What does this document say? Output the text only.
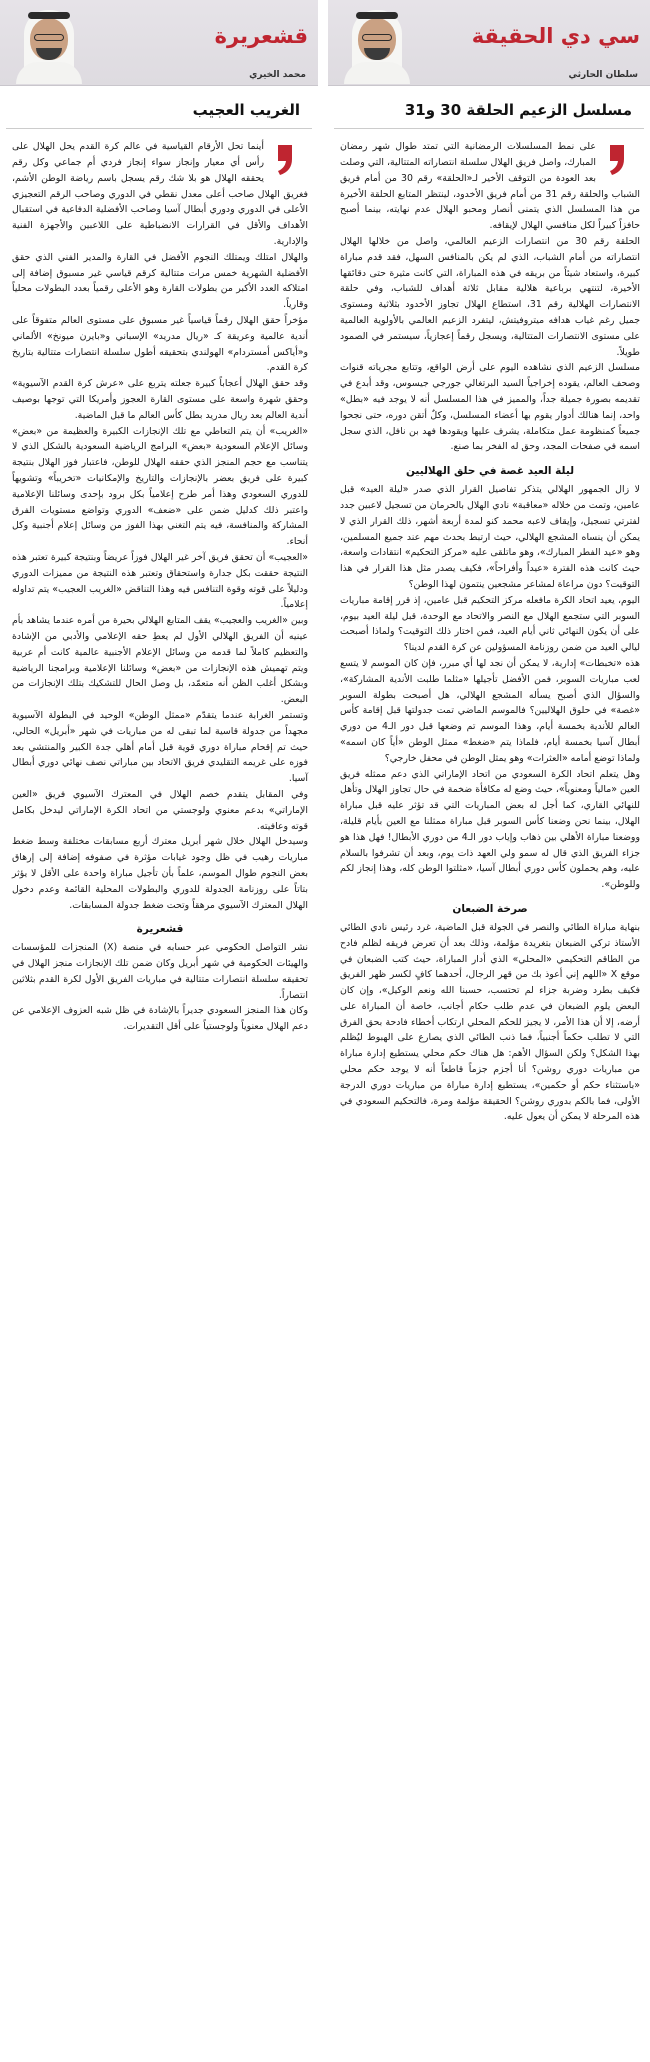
سي دي الحقيقة
سلطان الحارثي
مسلسل الزعيم الحلقة 30 و31

على نمط المسلسلات الرمضانية التي تمتد طوال شهر رمضان المبارك، واصل فريق الهلال سلسلة انتصاراته المتتالية، التي وصلت بعد العودة من التوقف الأخير لـ«الحلقة» رقم 30 من أمام فريق الشباب والحلقة رقم 31 من أمام فريق الأخدود، لينتظر المتابع الحلقة الأخيرة من هذا المسلسل الذي يتمنى أنصار ومحبو الهلال عدم نهايته، بينما أصبح حافزاً كبيراً لكل منافسي الهلال لإيقافه.

الحلقة رقم 30 من انتصارات الزعيم العالمي، واصل من خلالها الهلال انتصاراته من أمام الشباب، الذي لم يكن بالمنافس السهل، فقد قدم مباراة كبيرة، واستعاد شيئاً من بريقه في هذه المباراة، التي كانت مثيرة حتى دقائقها الأخيرة، لتنتهي برباعية هلالية مقابل ثلاثة أهداف للشباب، وفي حلقة الانتصارات الهلالية رقم 31، استطاع الهلال تجاوز الأخدود بثلاثية ومستوى جميل رغم غياب هدافه ميتروفيتش، ليتفرد الزعيم العالمي بالأولوية العالمية على مستوى الانتصارات المتتالية، ويسجل رقماً إعجازياً، سيستمر في الصمود طويلاً.

مسلسل الزعيم الذي نشاهده اليوم على أرض الواقع، وتتابع مجرياته قنوات وصحف العالم، يقوده إخراجياً السيد البرتغالي جورجي جيسوس، وقد أبدع في تقديمه بصورة جميلة جداً، والمميز في هذا المسلسل أنه لا يوجد فيه «بطل» واحد، إنما هنالك أدوار يقوم بها أعضاء المسلسل، وكلٌ أتقن دوره، حتى نجحوا جميعاً كمنظومة عمل متكاملة، يشرف عليها ويقودها فهد بن نافل، الذي سجل اسمه في صفحات المجد، وحق له الفخر بما صنع.

ليلة العيد غصة في حلق الهلاليين

لا زال الجمهور الهلالي يتذكر تفاصيل القرار الذي صدر «ليلة العيد» قبل عامين، وتمت من خلاله «معاقبة» نادي الهلال بالحرمان من تسجيل لاعبين جدد لفترتي تسجيل، وإيقاف لاعبه محمد كنو لمدة أربعة أشهر، ذلك القرار الذي لا يمكن أن ينساه المشجع الهلالي، حيث ارتبط بحدث مهم عند جميع المسلمين، وهو «عيد الفطر المبارك»، وهو ماتلقى عليه «مركز التحكيم» انتقادات واسعة، حيث كانت هذه الفترة «عيداً وأفراحاً»، فكيف يصدر مثل هذا القرار في هذا التوقيت؟ دون مراعاة لمشاعر مشجعين ينتمون لهذا الوطن؟

اليوم، يعيد اتحاد الكرة مافعله مركز التحكيم قبل عامين، إذ قرر إقامة مباريات السوبر التي ستجمع الهلال مع النصر والاتحاد مع الوحدة، قبل ليلة العيد بيوم، على أن يكون النهائي ثاني أيام العيد، فمن اختار ذلك التوقيت؟ ولماذا أصبحت ليالي العيد من ضمن روزنامة المسؤولين عن كرة القدم لدينا؟

هذه «تخبطات» إدارية، لا يمكن أن نجد لها أي مبرر، فإن كان الموسم لا يتسع لعب مباريات السوبر، فمن الأفضل تأجيلها «مثلما طلبت الأندية المشاركة»، والسؤال الذي أصبح يسأله المشجع الهلالي، هل أصبحت بطولة السوبر «غصة» في حلوق الهلاليين؟ فالموسم الماضي تمت جدولتها قبل إقامة كأس العالم للأندية بخمسة أيام، وهذا الموسم تم وضعها قبل دور الـ4 من دوري أبطال آسيا بخمسة أيام، فلماذا يتم «ضغط» ممثل الوطن «أياً كان اسمه» ولماذا توضع أمامه «العثرات» وهو يمثل الوطن في محفل خارجي؟

وهل يتعلم اتحاد الكرة السعودي من اتحاد الإماراتي الذي دعم ممثله فريق العين «مالياً ومعنوياً»، حيث وضع له مكافأة ضخمة في حال تجاوز الهلال وتأهل للنهائي القاري، كما أجل له بعض المباريات التي قد تؤثر عليه قبل مباراة الهلال، بينما نحن وضعنا كأس السوبر قبل مباراة ممثلنا مع العين بأيام قليلة، ووضعنا مباراة الأهلي بين ذهاب وإياب دور الـ4 من دوري الأبطال! فهل هذا هو جزاء الفريق الذي قال له سمو ولي العهد ذات يوم، وبعد أن تشرفوا بالسلام عليه، وهم يحملون كأس دوري أبطال آسيا، «مثلتوا الوطن كله، وهذا إنجاز لكم وللوطن».

صرخة الضبعان

بنهاية مباراة الطائي والنصر في الجولة قبل الماضية، غرد رئيس نادي الطائي الأستاذ تركي الضبعان بتغريدة مؤلمة، وذلك بعد أن تعرض فريقه لظلم فادح من الطاقم التحكيمي «المحلي» الذي أدار المباراة، حيث كتب الضبعان في موقع X «اللهم إني أعوذ بك من قهر الرجال، أحدهما كافٍ لكسر ظهر الفريق فكيف بطرد وضربة جزاء لم تحتسب، حسبنا الله ونعم الوكيل»، وإن كان البعض يلوم الضبعان في عدم طلب حكام أجانب، خاصة أن المباراة على أرضه، إلا أن هذا الأمر، لا يجيز للحكم المحلي ارتكاب أخطاء فادحة بحق الفرق التي لا تطلب حكماً أجنبياً، فما ذنب الطائي الذي يصارع على الهبوط ليُظلم بهذا الشكل؟ ولكن السؤال الأهم: هل هناك حكم محلي يستطيع إدارة مباراة من مباريات دوري روشن؟ أنا أجزم جزماً قاطعاً أنه لا يوجد حكم محلي «باستثناء حكم أو حكمين»، يستطيع إدارة مباراة من مباريات دوري الدرجة الأولى، فما بالكم بدوري روشن؟ الحقيقة مؤلمة ومرة، فالتحكيم السعودي في هذه المرحلة لا يمكن أن يعول عليه.

قشعريرة
محمد الخيري
الغريب العجيب

أينما تحل الأرقام القياسية في عالم كرة القدم يحل الهلال على رأس أي معيار وإنجاز سواء إنجاز فردي أم جماعي وكل رقم يحققه الهلال هو بلا شك رقم يسجل باسم رياضة الوطن الأشم، فغريق الهلال صاحب أعلى معدل نقطي في الدوري وصاحب الرقم التعجيزي الأعلى في الدوري ودوري أبطال آسيا وصاحب الأفضلية الدفاعية في استقبال الأهداف والأقل في القرارات الانضباطية على اللاعبين والأجهزة الفنية والإدارية.

والهلال امتلك ويمتلك النجوم الأفضل في القارة والمدير الفني الذي حقق الأفضلية الشهرية خمس مرات متتالية كرقم قياسي غير مسبوق إضافة إلى امتلاكه العدد الأكبر من بطولات القارة وهو الأعلى رقمياً بعدد البطولات محلياً وقارياً.

مؤخراً حقق الهلال رقماً قياسياً غير مسبوق على مستوى العالم متفوقاً على أندية عالمية وعريقة كـ «ريال مدريد» الإسباني و«بايرن ميونخ» الألماني و«أياكس أمستردام» الهولندي بتحقيقه أطول سلسلة انتصارات متتالية بتاريخ كرة القدم.

وقد حقق الهلال أعجاباً كبيرة جعلته يتربع على «عرش كرة القدم الآسيوية» وحقق شهرة واسعة على مستوى القارة العجوز وأمريكا التي توجها بوصيف أندية العالم بعد ريال مدريد بطل كأس العالم ما قبل الماضية.

«الغريب» أن يتم التعاطي مع تلك الإنجازات الكبيرة والعظيمة من «بعض» وسائل الإعلام السعودية «بعض» البرامج الرياضية السعودية بالشكل الذي لا يتناسب مع حجم المنجز الذي حققه الهلال للوطن، فاعتبار فوز الهلال بنتيجة كبيرة على فريق بعضر بالإنجازات والتاريخ والإمكانيات «تخريباً» وتشويهاً للدوري السعودي وهذا أمر طرح إعلامياً بكل برود بإحدى وسائلنا الإعلامية واعتبر ذلك كدليل ضمن على «ضعف» الدوري وتواضع مستويات الفرق المشاركة والمنافسة، فيه يتم التغني بهذا الفوز من وسائل إعلام أجنبية وكل أنحاء.

«العجيب» أن تحقق فريق آخر غير الهلال فوزاً عريضاً وبنتيجة كبيرة تعتبر هذه النتيجة حققت بكل جدارة واستحقاق وتعتبر هذه النتيجة من مميزات الدوري ودليلاً على قوته وقوة التنافس فيه وهذا التناقض «الغريب العجيب» يتم تداوله إعلامياً.

وبين «الغريب والعجيب» يقف المتابع الهلالي بحيرة من أمره عندما يشاهد بأم عينيه أن الفريق الهلالي الأول لم يعطِ حقه الإعلامي والأدبي من الإشادة والتعظيم كاملاً لما قدمه من وسائل الإعلام الأجنبية عالمية كانت أم عربية ويتم تهميش هذه الإنجازات من «بعض» وسائلنا الإعلامية وبرامجنا الرياضية وبشكل أغلب الظن أنه متعمّد، بل وصل الحال للتشكيك بتلك الإنجازات من البعض.

وتستمر الغرابة عندما يتقدّم «ممثل الوطن» الوحيد في البطولة الآسيوية مجهداً من جدولة قاسية لما تبقى له من مباريات في شهر «أبريل» الحالي، حيث تم إقحام مباراة دوري قوية قبل أمام أهلي جدة الكبير والمنتشي بعد فوزه على غريمه التقليدي فريق الاتحاد بين مباراتي نصف نهائي دوري أبطال آسيا.

وفي المقابل يتقدم خصم الهلال في المعترك الآسيوي فريق «العين الإماراتي» بدعم معنوي ولوجستي من اتحاد الكرة الإماراتي ليدخل بكامل قوته وعافيته.

وسيدخل الهلال خلال شهر أبريل معترك أربع مسابقات مختلفة وسط ضغط مباريات رهيب في ظل وجود غيابات مؤثرة في صفوفه إضافة إلى إرهاق بعض النجوم طوال الموسم، علماً بأن تأجيل مباراة واحدة على الأقل لا يؤثر بتاتاً على روزنامة الجدولة للدوري والبطولات المحلية القائمة وعدم دخول الهلال المعترك الآسيوي مرهقاً وتحت ضغط جدولة المسابقات.

قشعريرة

نشر التواصل الحكومي عبر حسابه في منصة (X) المنجزات للمؤسسات والهيئات الحكومية في شهر أبريل وكان ضمن تلك الإنجازات منجز الهلال في تحقيقه سلسلة انتصارات متتالية في مباريات الفريق الأول لكرة القدم بثلاثين انتصاراً.

وكان هذا المنجز السعودي جديراً بالإشادة في ظل شبه العزوف الإعلامي عن دعم الهلال معنوياً ولوجستياً على أقل التقديرات.
